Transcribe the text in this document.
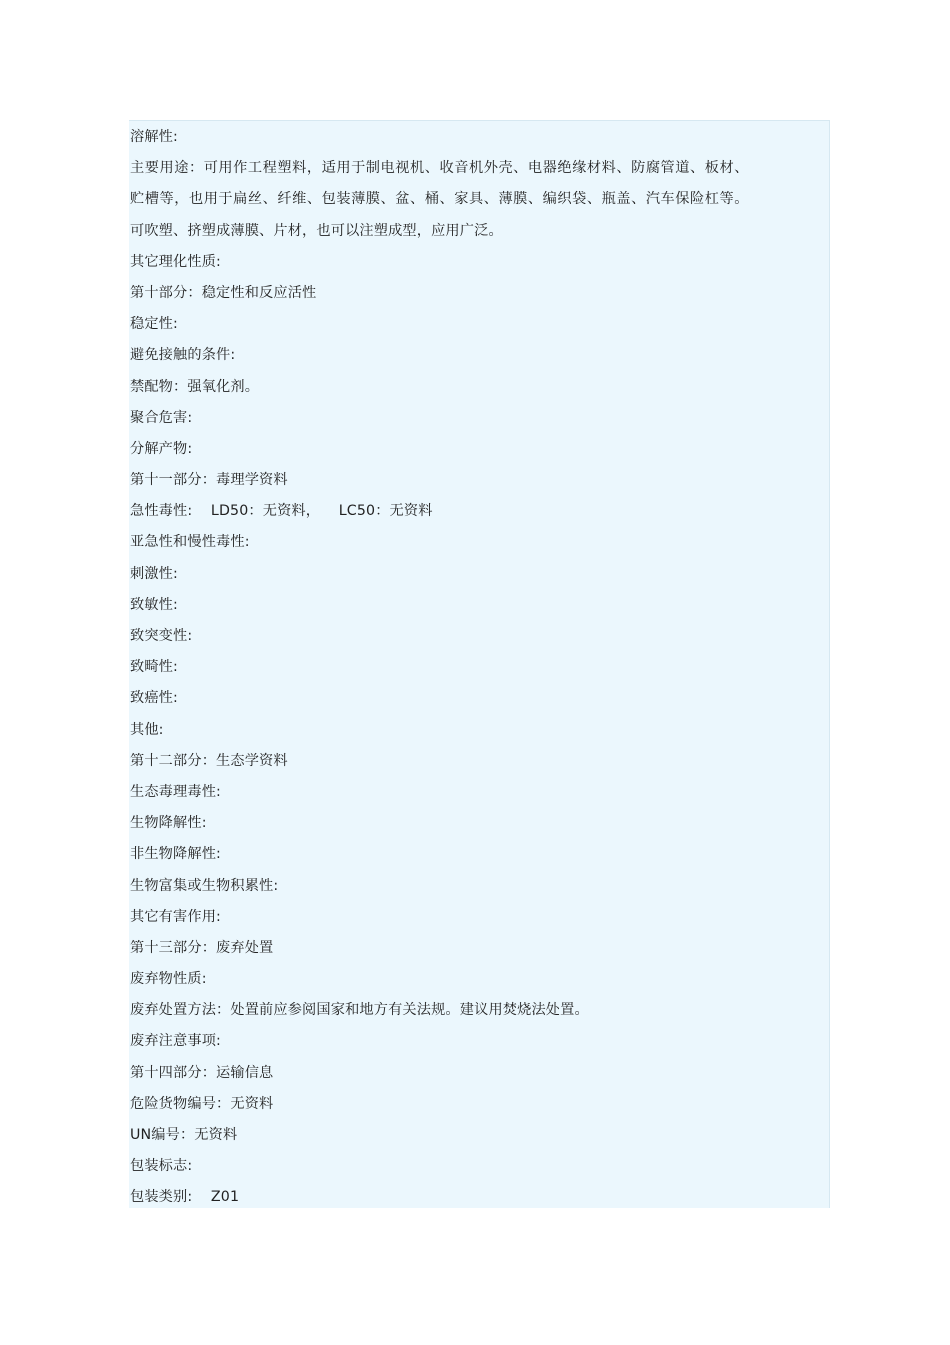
溶解性:
主要用途：可用作工程塑料，适用于制电视机、收音机外壳、电器绝缘材料、防腐管道、板材、
贮槽等，也用于扁丝、纤维、包装薄膜、盆、桶、家具、薄膜、编织袋、瓶盖、汽车保险杠等。
可吹塑、挤塑成薄膜、片材，也可以注塑成型，应用广泛。
其它理化性质:
第十部分：稳定性和反应活性
稳定性:
避免接触的条件:
禁配物：强氧化剂。
聚合危害:
分解产物:
第十一部分：毒理学资料
急性毒性:    LD50：无资料，    LC50：无资料
亚急性和慢性毒性:
刺激性:
致敏性:
致突变性:
致畸性:
致癌性:
其他:
第十二部分：生态学资料
生态毒理毒性:
生物降解性:
非生物降解性:
生物富集或生物积累性:
其它有害作用:
第十三部分：废弃处置
废弃物性质:
废弃处置方法：处置前应参阅国家和地方有关法规。建议用焚烧法处置。
废弃注意事项:
第十四部分：运输信息
危险货物编号：无资料
UN编号：无资料
包装标志:
包装类别:    Z01
